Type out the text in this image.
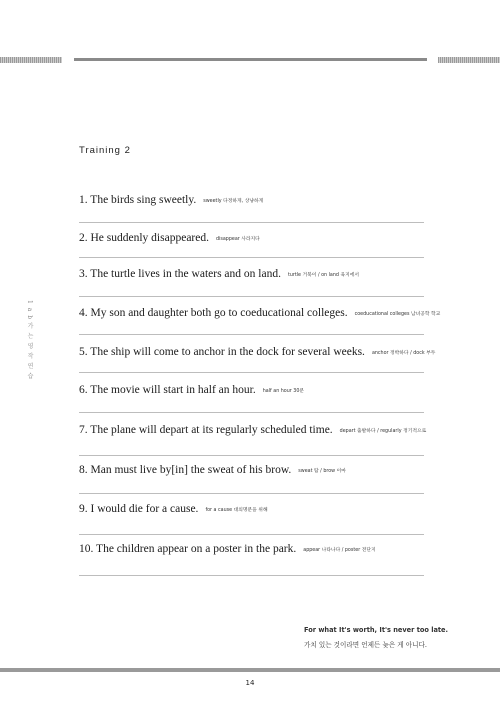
Training 2
1 a b 가 는 영 작 연 습
1. The birds sing sweetly. sweetly 다정하게, 상냥하게
2. He suddenly disappeared. disappear 사라지다
3. The turtle lives in the waters and on land. turtle 거북이 / on land 육지에서
4. My son and daughter both go to coeducational colleges. coeducational colleges 남녀공학 학교
5. The ship will come to anchor in the dock for several weeks. anchor 정박하다 / dock 부두
6. The movie will start in half an hour. half an hour 30분
7. The plane will depart at its regularly scheduled time. depart 출발하다 / regularly 정기적으로
8. Man must live by[in] the sweat of his brow. sweat 땀 / brow 이마
9. I would die for a cause. for a cause 대의명분을 위해
10. The children appear on a poster in the park. appear 나타나다 / poster 전단지
For what It's worth, It's never too late.
가치 있는 것이라면 언제든 늦은 게 아니다.
14
